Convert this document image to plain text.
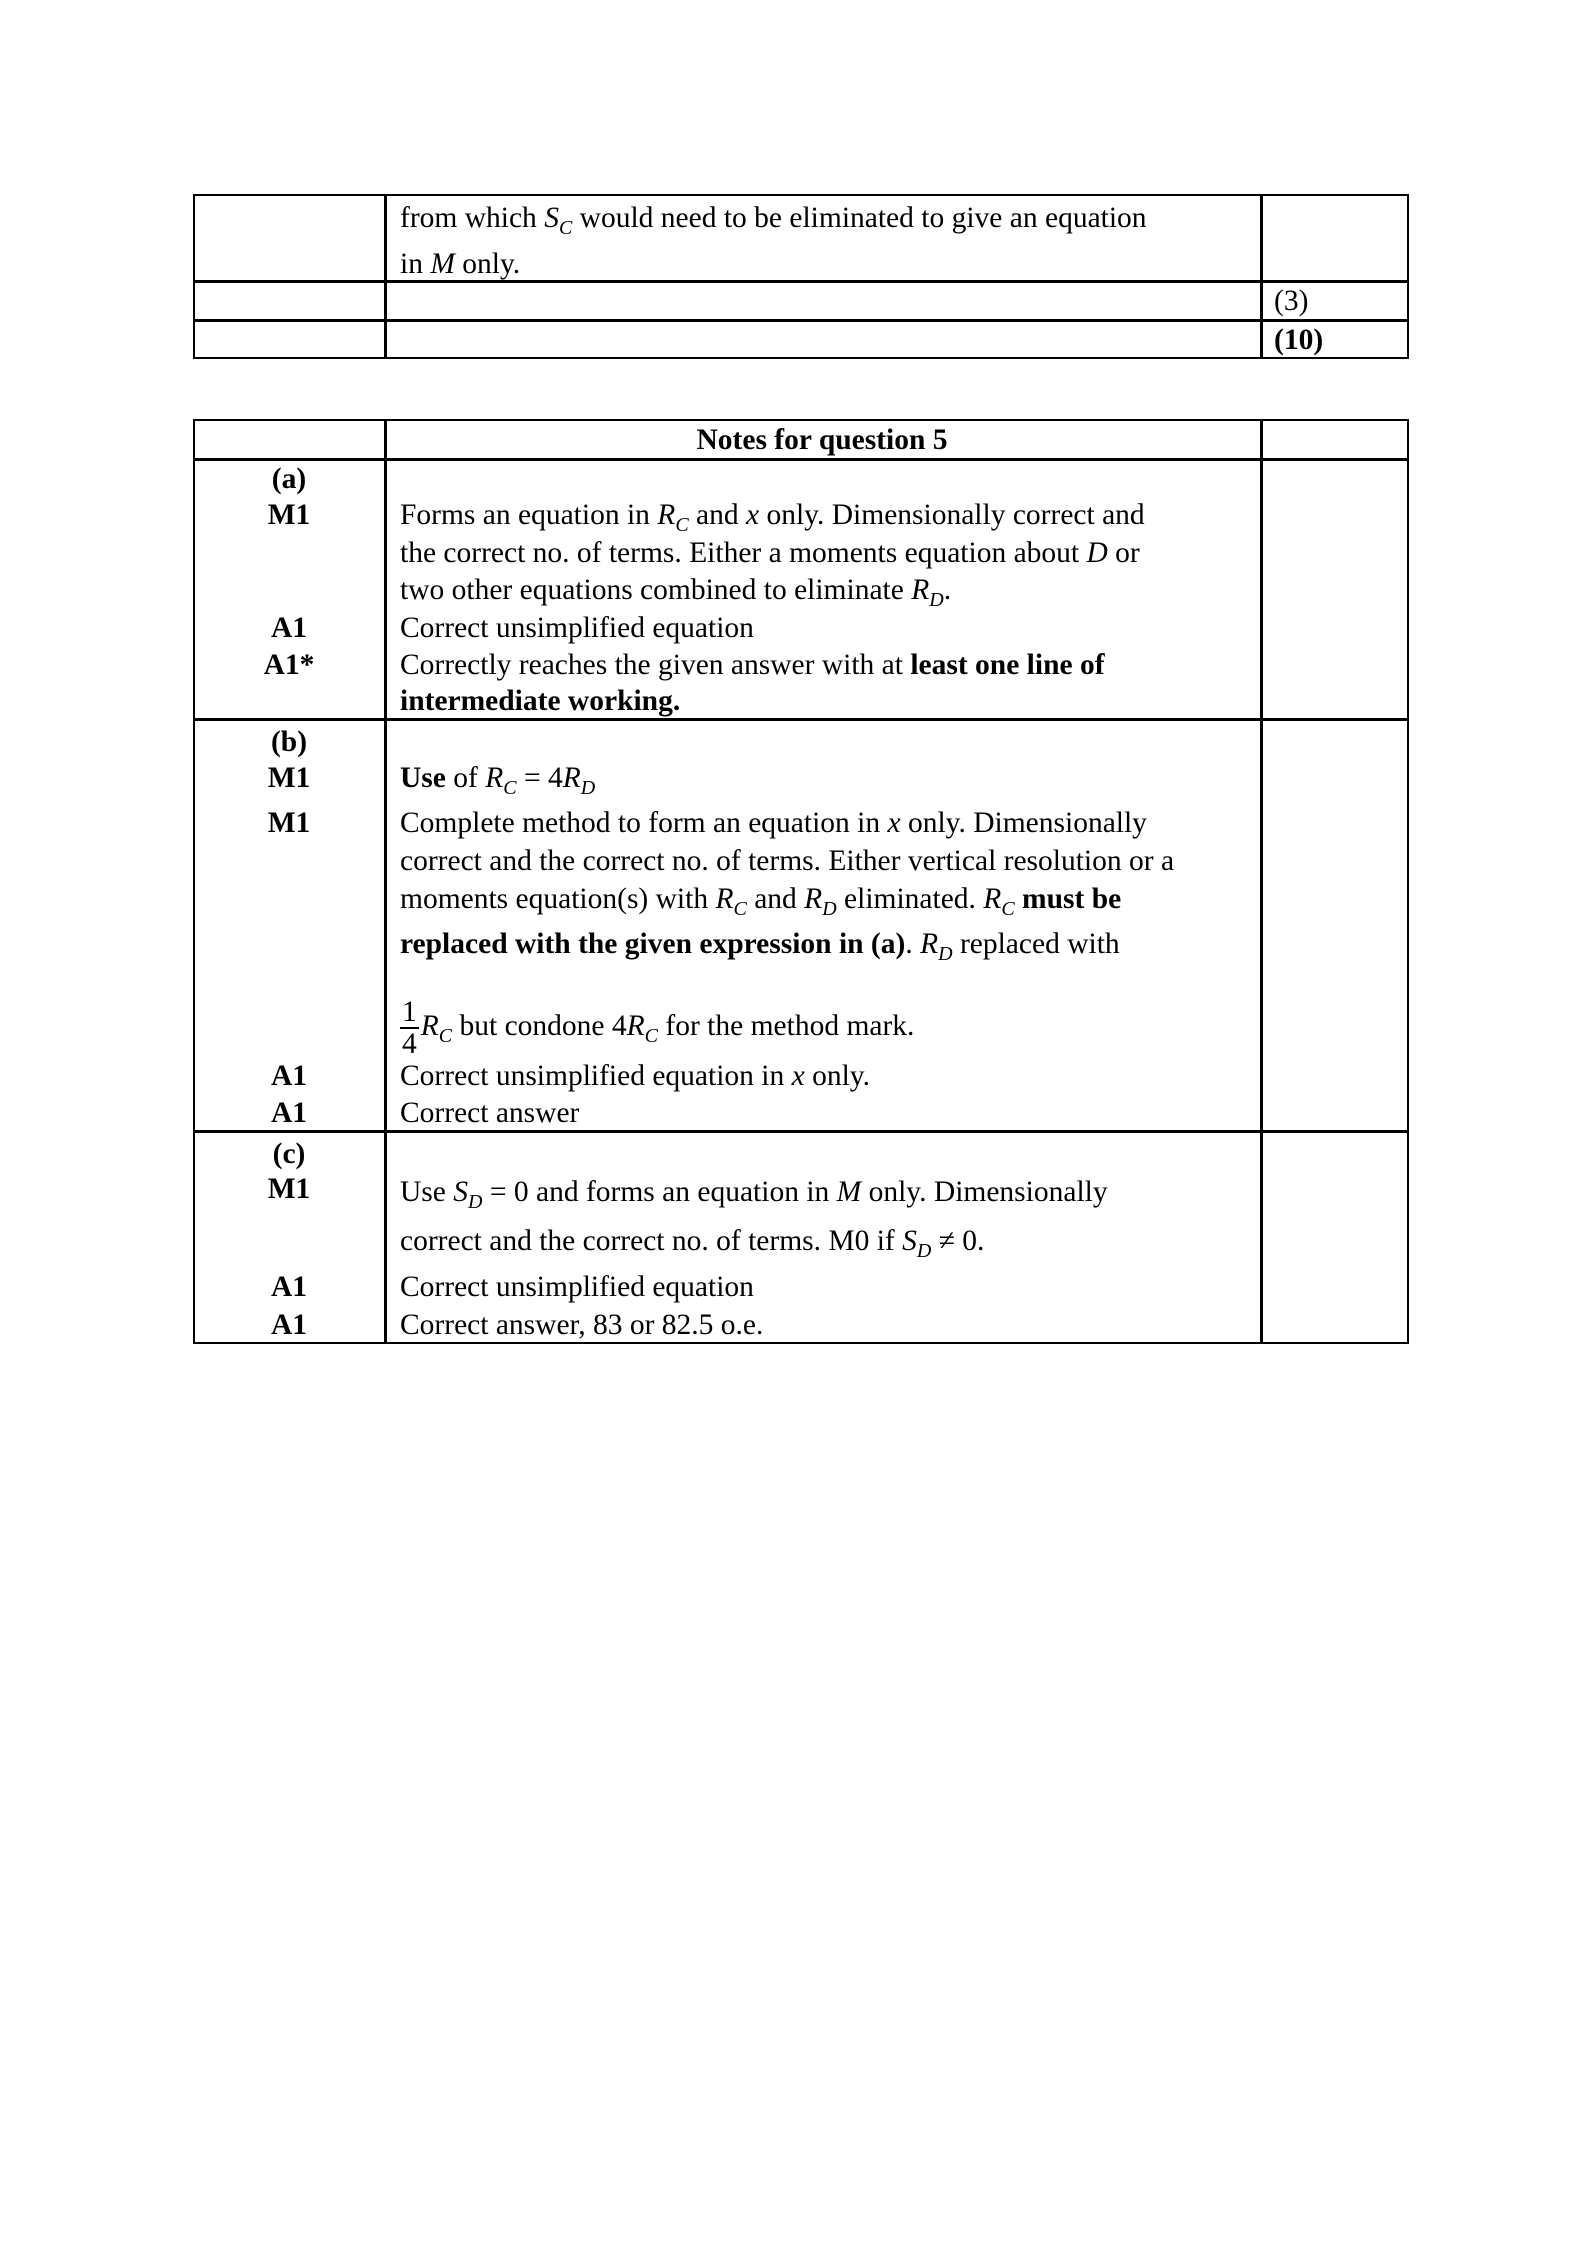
from which $S_C$ would need to be eliminated to give an equation
in M only.
(3)
(10)
Notes for question 5
(a)
M1
A1
A1*
(b)
M1
M1
A1
A1
(c)
M1
A1
A1
Forms an equation in $R_C$ and x only. Dimensionally correct and
the correct no. of terms. Either a moments equation about D or
two other equations combined to eliminate $R_D$.
Correct unsimplified equation
Correctly reaches the given answer with at least one line of
intermediate working.
Use of $R_C = 4R_D$
Complete method to form an equation in x only. Dimensionally
correct and the correct no. of terms. Either vertical resolution or a
moments equation(s) with $R_C$ and $R_D$ eliminated. $R_C$ must be
replaced with the given expression in (a). $R_D$ replaced with
$\frac{1}{4} R_C$ but condone $4R_C$ for the method mark.
Correct unsimplified equation in x only.
Correct answer
Use $S_D = 0$ and forms an equation in M only. Dimensionally
correct and the correct no. of terms. M0 if $S_D \ne 0$.
Correct unsimplified equation
Correct answer, 83 or 82.5 o.e.
